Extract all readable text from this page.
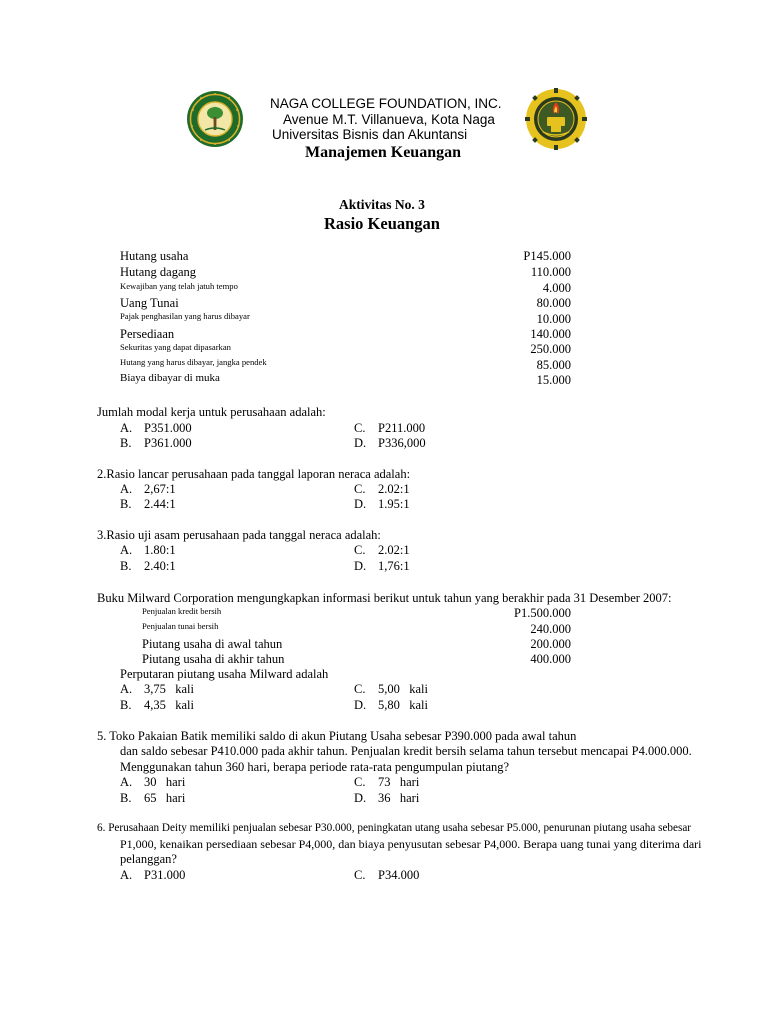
NAGA COLLEGE FOUNDATION, INC.
Avenue M.T. Villanueva, Kota Naga
Universitas Bisnis dan Akuntansi
Manajemen Keuangan
Aktivitas No. 3
Rasio Keuangan
Hutang usaha	P145.000
Hutang dagang	110.000
Kewajiban yang telah jatuh tempo	4.000
Uang Tunai	80.000
Pajak penghasilan yang harus dibayar	10.000
Persediaan	140.000
Sekuritas yang dapat dipasarkan	250.000
Hutang yang harus dibayar, jangka pendek	85.000
Biaya dibayar di muka	15.000
Jumlah modal kerja untuk perusahaan adalah:
A. P351.000
B. P361.000
C. P211.000
D. P336,000
2.Rasio lancar perusahaan pada tanggal laporan neraca adalah:
A. 2,67:1
B. 2.44:1
C. 2.02:1
D. 1.95:1
3.Rasio uji asam perusahaan pada tanggal neraca adalah:
A. 1.80:1
B. 2.40:1
C. 2.02:1
D. 1,76:1
Buku Milward Corporation mengungkapkan informasi berikut untuk tahun yang berakhir pada 31 Desember 2007:
Penjualan kredit bersih	P1.500.000
Penjualan tunai bersih	240.000
Piutang usaha di awal tahun	200.000
Piutang usaha di akhir tahun	400.000
Perputaran piutang usaha Milward adalah
A. 3,75   kali
B. 4,35   kali
C. 5,00   kali
D. 5,80   kali
5. Toko Pakaian Batik memiliki saldo di akun Piutang Usaha sebesar P390.000 pada awal tahun
dan saldo sebesar P410.000 pada akhir tahun. Penjualan kredit bersih selama tahun tersebut mencapai P4.000.000.
Menggunakan tahun 360 hari, berapa periode rata-rata pengumpulan piutang?
A. 30   hari
B. 65   hari
C. 73   hari
D. 36   hari
6. Perusahaan Deity memiliki penjualan sebesar P30.000, peningkatan utang usaha sebesar P5.000, penurunan piutang usaha sebesar
P1,000, kenaikan persediaan sebesar P4,000, dan biaya penyusutan sebesar P4,000. Berapa uang tunai yang diterima dari
pelanggan?
A. P31.000	C. P34.000
